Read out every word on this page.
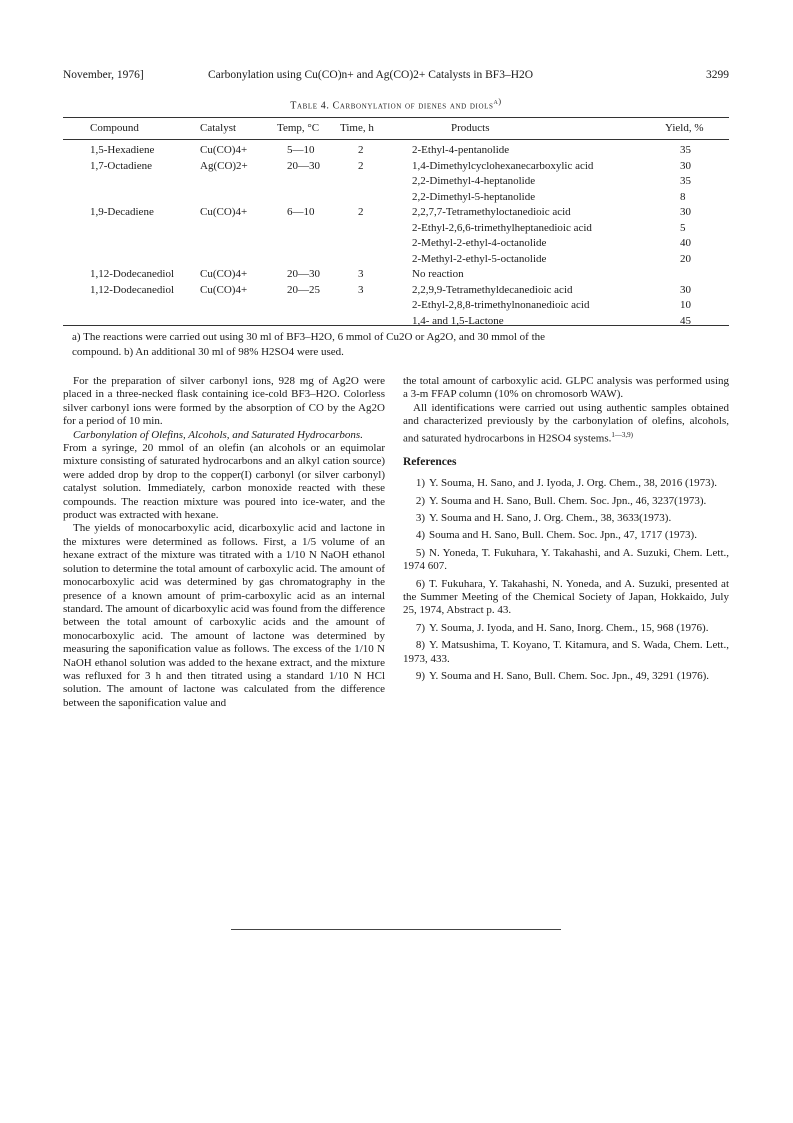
November, 1976]	Carbonylation using Cu(CO)n+ and Ag(CO)2+ Catalysts in BF3–H2O	3299
Table 4. Carbonylation of dienes and diols$^{a)}$
Compound	Catalyst	Temp, °C Time, h	Products	Yield, %
1,5-Hexadiene	Cu(CO)4+	5—10	2	2-Ethyl-4-pentanolide	35
1,7-Octadiene	Ag(CO)2+	20—30	2	1,4-Dimethylcyclohexanecarboxylic acid	30
2,2-Dimethyl-4-heptanolide	35
2,2-Dimethyl-5-heptanolide	8
1,9-Decadiene	Cu(CO)4+	6—10	2	2,2,7,7-Tetramethyloctanedioic acid	30
2-Ethyl-2,6,6-trimethylheptanedioic acid	5
2-Methyl-2-ethyl-4-octanolide	40
2-Methyl-2-ethyl-5-octanolide	20
1,12-Dodecanediol Cu(CO)4+	20—30	3	No reaction
1,12-Dodecanediol Cu(CO)4+	20—25	3	2,2,9,9-Tetramethyldecanedioic acid	30
2-Ethyl-2,8,8-trimethylnonanedioic acid	10
1,4- and 1,5-Lactone	45
a) The reactions were carried out using 30 ml of BF3–H2O, 6 mmol of Cu2O or Ag2O, and 30 mmol of the
compound. b) An additional 30 ml of 98% H2SO4 were used.

For the preparation of silver carbonyl ions, 928 mg of Ag2O were placed in a three-necked flask containing ice-cold BF3–H2O. Colorless silver carbonyl ions were formed by the absorption of CO by the Ag2O for a period of 10 min.

Carbonylation of Olefins, Alcohols, and Saturated Hydrocarbons.

From a syringe, 20 mmol of an olefin (an alcohols or an equimolar mixture consisting of saturated hydrocarbons and an alkyl cation source) were added drop by drop to the copper(I) carbonyl (or silver carbonyl) catalyst solution. Immediately, carbon monoxide reacted with these compounds. The reaction mixture was poured into ice-water, and the product was extracted with hexane.

The yields of monocarboxylic acid, dicarboxylic acid and lactone in the mixtures were determined as follows. First, a 1/5 volume of an hexane extract of the mixture was titrated with a 1/10 N NaOH ethanol solution to determine the total amount of carboxylic acid. The amount of monocarboxylic acid was determined by gas chromatography in the presence of a known amount of prim-carboxylic acid as an internal standard. The amount of dicarboxylic acid was found from the difference between the total amount of carboxylic acids and the amount of monocarboxylic acid. The amount of lactone was determined by measuring the saponification value as follows. The excess of the 1/10 N NaOH ethanol solution was added to the hexane extract, and the mixture was refluxed for 3 h and then titrated using a standard 1/10 N HCl solution. The amount of lactone was calculated from the difference between the saponification value and

the total amount of carboxylic acid. GLPC analysis was performed using a 3-m FFAP column (10% on chromosorb WAW).

All identifications were carried out using authentic samples obtained and characterized previously by the carbonylation of olefins, alcohols, and saturated hydrocarbons in H2SO4 systems.$^{1—3,9)}$

References
1) Y. Souma, H. Sano, and J. Iyoda, J. Org. Chem., 38, 2016 (1973).
2) Y. Souma and H. Sano, Bull. Chem. Soc. Jpn., 46, 3237(1973).
3) Y. Souma and H. Sano, J. Org. Chem., 38, 3633(1973).
4) Souma and H. Sano, Bull. Chem. Soc. Jpn., 47, 1717 (1973).
5) N. Yoneda, T. Fukuhara, Y. Takahashi, and A. Suzuki, Chem. Lett., 1974 607.
6) T. Fukuhara, Y. Takahashi, N. Yoneda, and A. Suzuki, presented at the Summer Meeting of the Chemical Society of Japan, Hokkaido, July 25, 1974, Abstract p. 43.
7) Y. Souma, J. Iyoda, and H. Sano, Inorg. Chem., 15, 968 (1976).
8) Y. Matsushima, T. Koyano, T. Kitamura, and S. Wada, Chem. Lett., 1973, 433.
9) Y. Souma and H. Sano, Bull. Chem. Soc. Jpn., 49, 3291 (1976).
